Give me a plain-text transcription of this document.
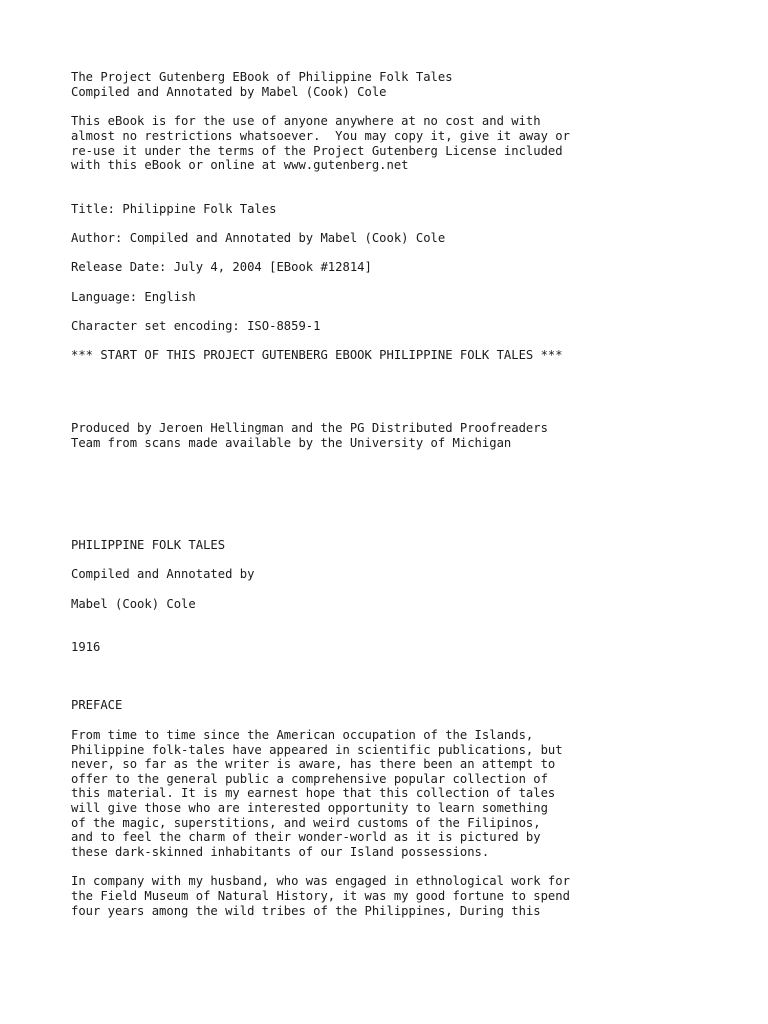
The Project Gutenberg EBook of Philippine Folk Tales

Compiled and Annotated by Mabel (Cook) Cole

This eBook is for the use of anyone anywhere at no cost and with

almost no restrictions whatsoever.  You may copy it, give it away or

re-use it under the terms of the Project Gutenberg License included

with this eBook or online at www.gutenberg.net

Title: Philippine Folk Tales

Author: Compiled and Annotated by Mabel (Cook) Cole

Release Date: July 4, 2004 [EBook #12814]

Language: English

Character set encoding: ISO-8859-1

*** START OF THIS PROJECT GUTENBERG EBOOK PHILIPPINE FOLK TALES ***

Produced by Jeroen Hellingman and the PG Distributed Proofreaders

Team from scans made available by the University of Michigan

PHILIPPINE FOLK TALES

Compiled and Annotated by

Mabel (Cook) Cole

1916

PREFACE

From time to time since the American occupation of the Islands,

Philippine folk-tales have appeared in scientific publications, but

never, so far as the writer is aware, has there been an attempt to

offer to the general public a comprehensive popular collection of

this material. It is my earnest hope that this collection of tales

will give those who are interested opportunity to learn something

of the magic, superstitions, and weird customs of the Filipinos,

and to feel the charm of their wonder-world as it is pictured by

these dark-skinned inhabitants of our Island possessions.

In company with my husband, who was engaged in ethnological work for

the Field Museum of Natural History, it was my good fortune to spend

four years among the wild tribes of the Philippines, During this
